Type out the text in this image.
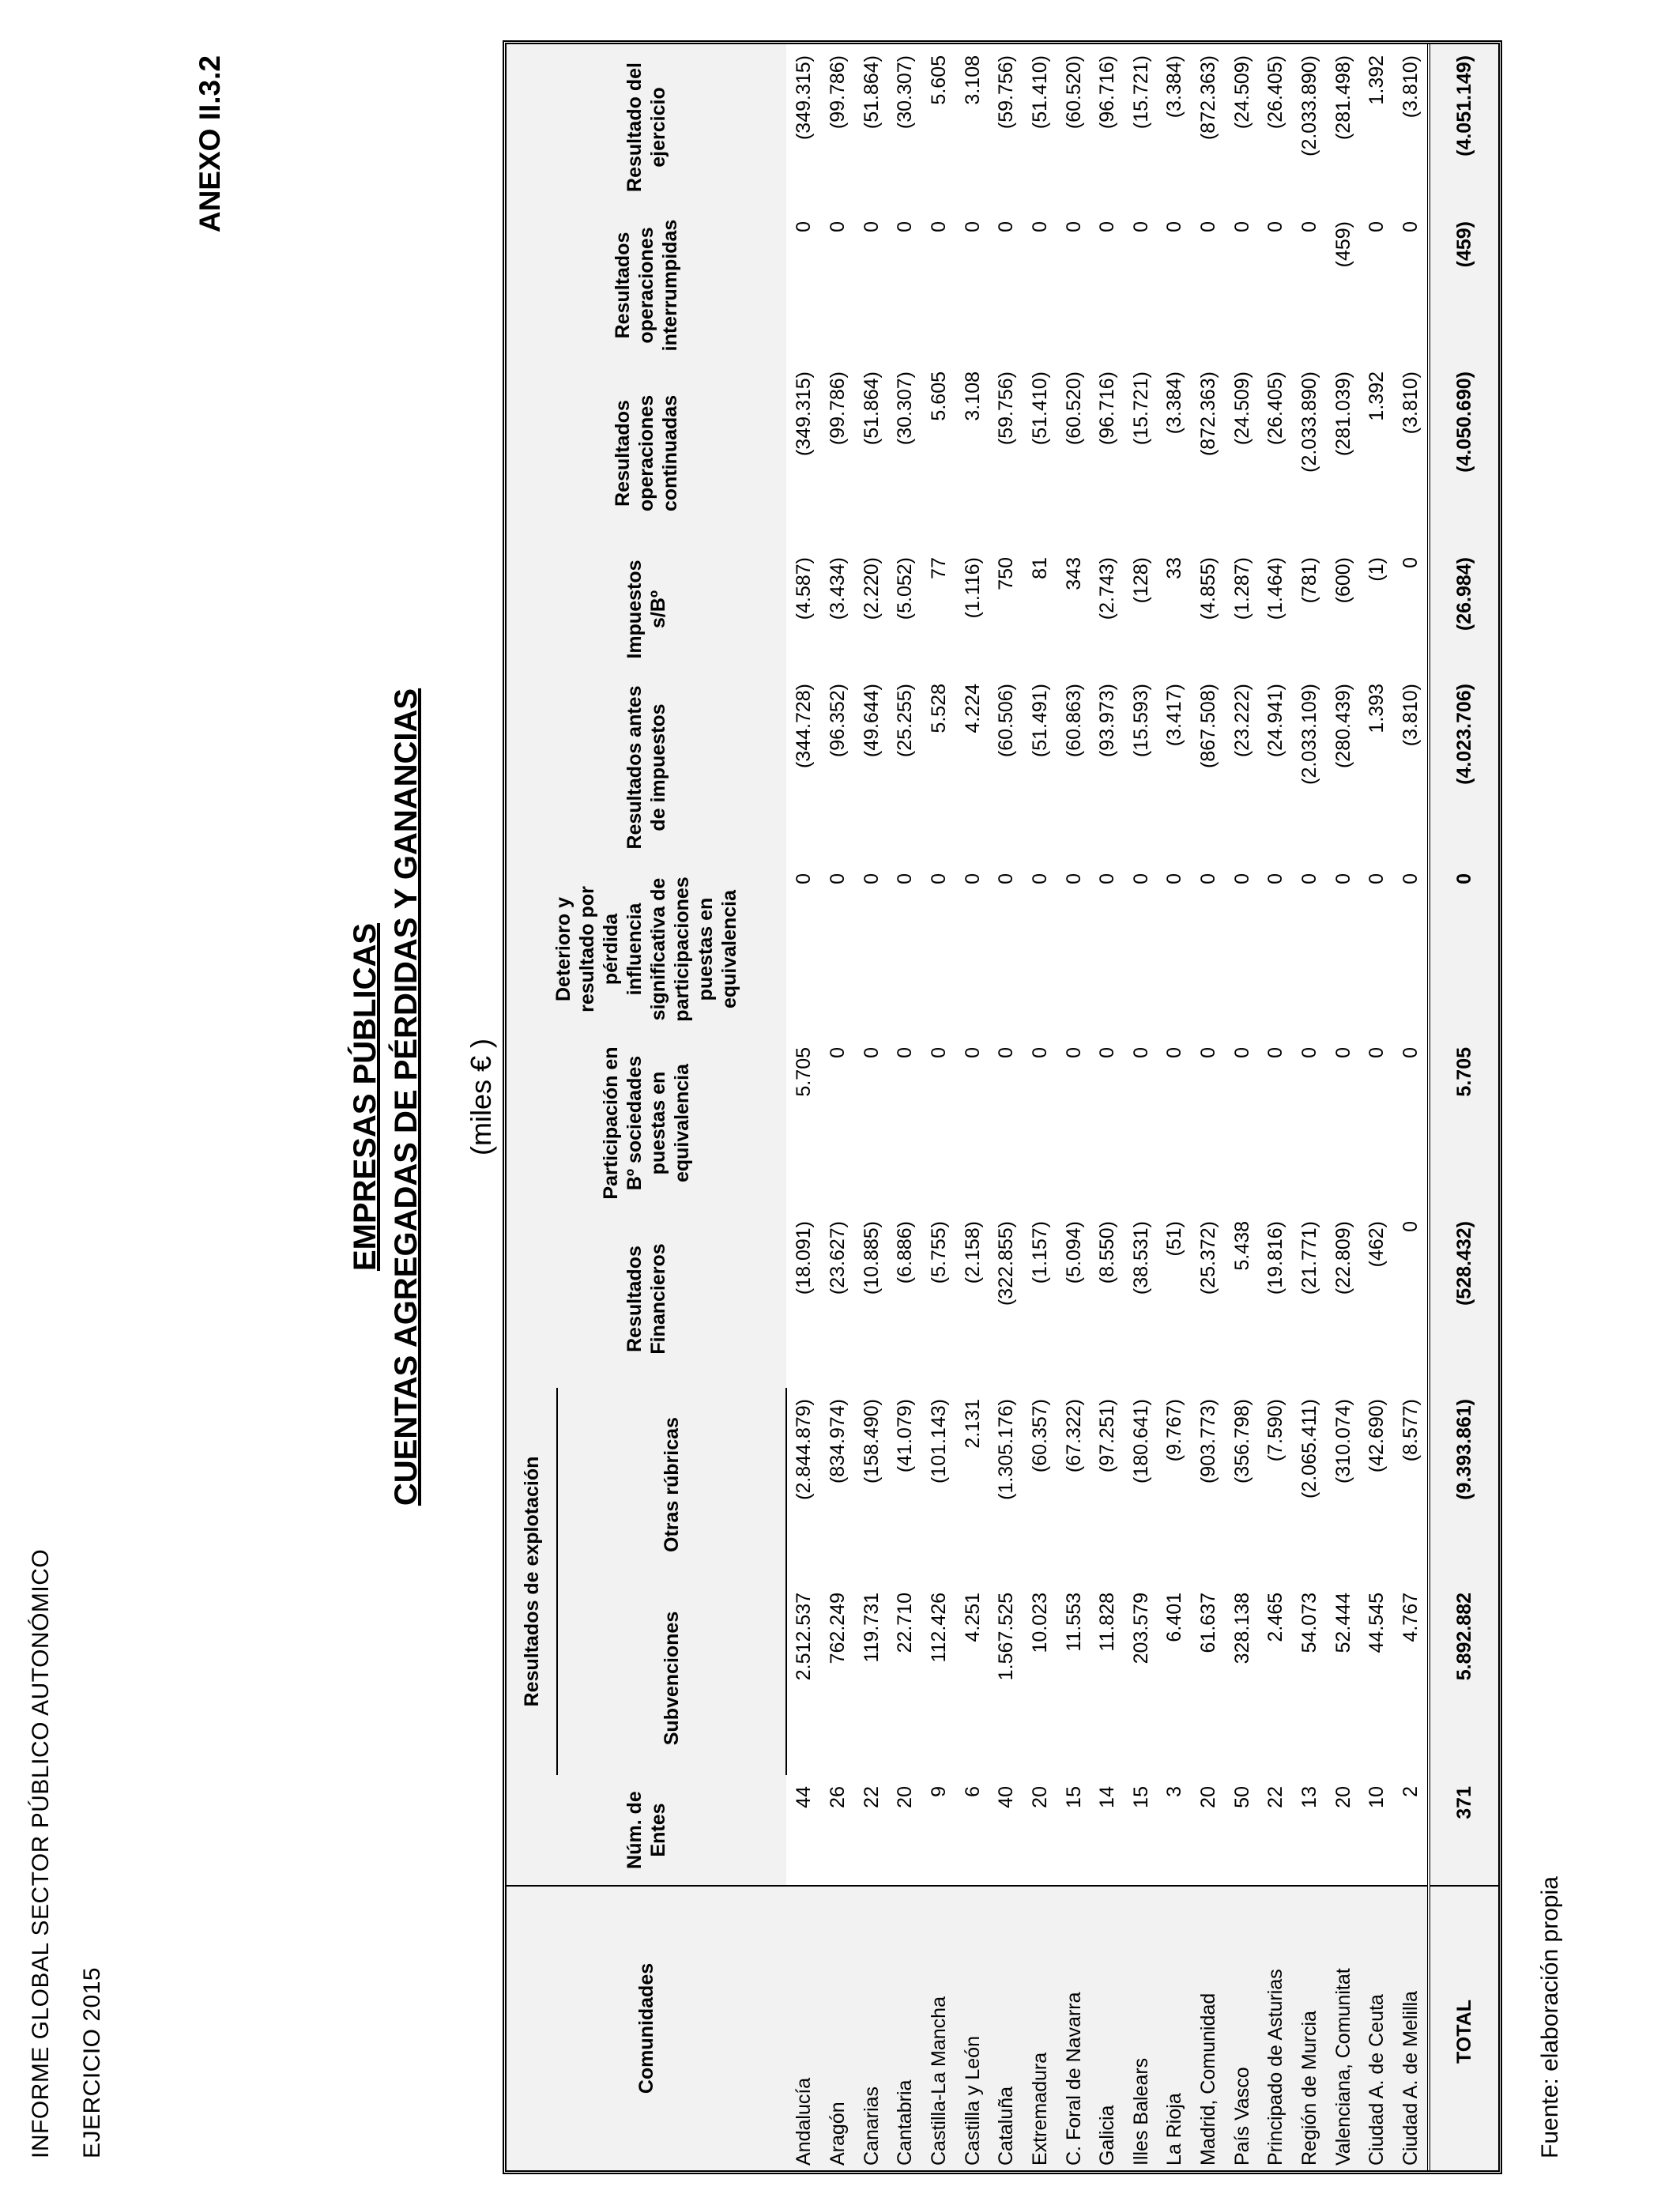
INFORME GLOBAL SECTOR PÚBLICO AUTONÓMICO EJERCICIO 2015
ANEXO II.3.2
EMPRESAS PÚBLICAS CUENTAS AGREGADAS DE PÉRDIDAS Y GANANCIAS (miles € )
Comunidades	Núm. de Entes	Resultados de explotación		Resultados Financieros	Participación en Bº sociedades puestas en equivalencia	Deterioro y resultado por pérdida influencia significativa de participaciones puestas en equivalencia	Resultados antes de impuestos	Impuestos s/Bº	Resultados operaciones continuadas	Resultados operaciones interrumpidas	Resultado del ejercicio
		Subvenciones	Otras rúbricas								
Andalucía	44	2.512.537	(2.844.879)	(18.091)	5.705	0	(344.728)	(4.587)	(349.315)	0	(349.315)
Aragón	26	762.249	(834.974)	(23.627)	0	0	(96.352)	(3.434)	(99.786)	0	(99.786)
Canarias	22	119.731	(158.490)	(10.885)	0	0	(49.644)	(2.220)	(51.864)	0	(51.864)
Cantabria	20	22.710	(41.079)	(6.886)	0	0	(25.255)	(5.052)	(30.307)	0	(30.307)
Castilla-La Mancha	9	112.426	(101.143)	(5.755)	0	0	5.528	77	5.605	0	5.605
Castilla y León	6	4.251	2.131	(2.158)	0	0	4.224	(1.116)	3.108	0	3.108
Cataluña	40	1.567.525	(1.305.176)	(322.855)	0	0	(60.506)	750	(59.756)	0	(59.756)
Extremadura	20	10.023	(60.357)	(1.157)	0	0	(51.491)	81	(51.410)	0	(51.410)
C. Foral de Navarra	15	11.553	(67.322)	(5.094)	0	0	(60.863)	343	(60.520)	0	(60.520)
Galicia	14	11.828	(97.251)	(8.550)	0	0	(93.973)	(2.743)	(96.716)	0	(96.716)
Illes Balears	15	203.579	(180.641)	(38.531)	0	0	(15.593)	(128)	(15.721)	0	(15.721)
La Rioja	3	6.401	(9.767)	(51)	0	0	(3.417)	33	(3.384)	0	(3.384)
Madrid, Comunidad	20	61.637	(903.773)	(25.372)	0	0	(867.508)	(4.855)	(872.363)	0	(872.363)
País Vasco	50	328.138	(356.798)	5.438	0	0	(23.222)	(1.287)	(24.509)	0	(24.509)
Principado de Asturias	22	2.465	(7.590)	(19.816)	0	0	(24.941)	(1.464)	(26.405)	0	(26.405)
Región de Murcia	13	54.073	(2.065.411)	(21.771)	0	0	(2.033.109)	(781)	(2.033.890)	0	(2.033.890)
Valenciana, Comunitat	20	52.444	(310.074)	(22.809)	0	0	(280.439)	(600)	(281.039)	(459)	(281.498)
Ciudad A. de Ceuta	10	44.545	(42.690)	(462)	0	0	1.393	(1)	1.392	0	1.392
Ciudad A. de Melilla	2	4.767	(8.577)	0	0	0	(3.810)	0	(3.810)	0	(3.810)
TOTAL	371	5.892.882	(9.393.861)	(528.432)	5.705	0	(4.023.706)	(26.984)	(4.050.690)	(459)	(4.051.149)
Fuente: elaboración propia
